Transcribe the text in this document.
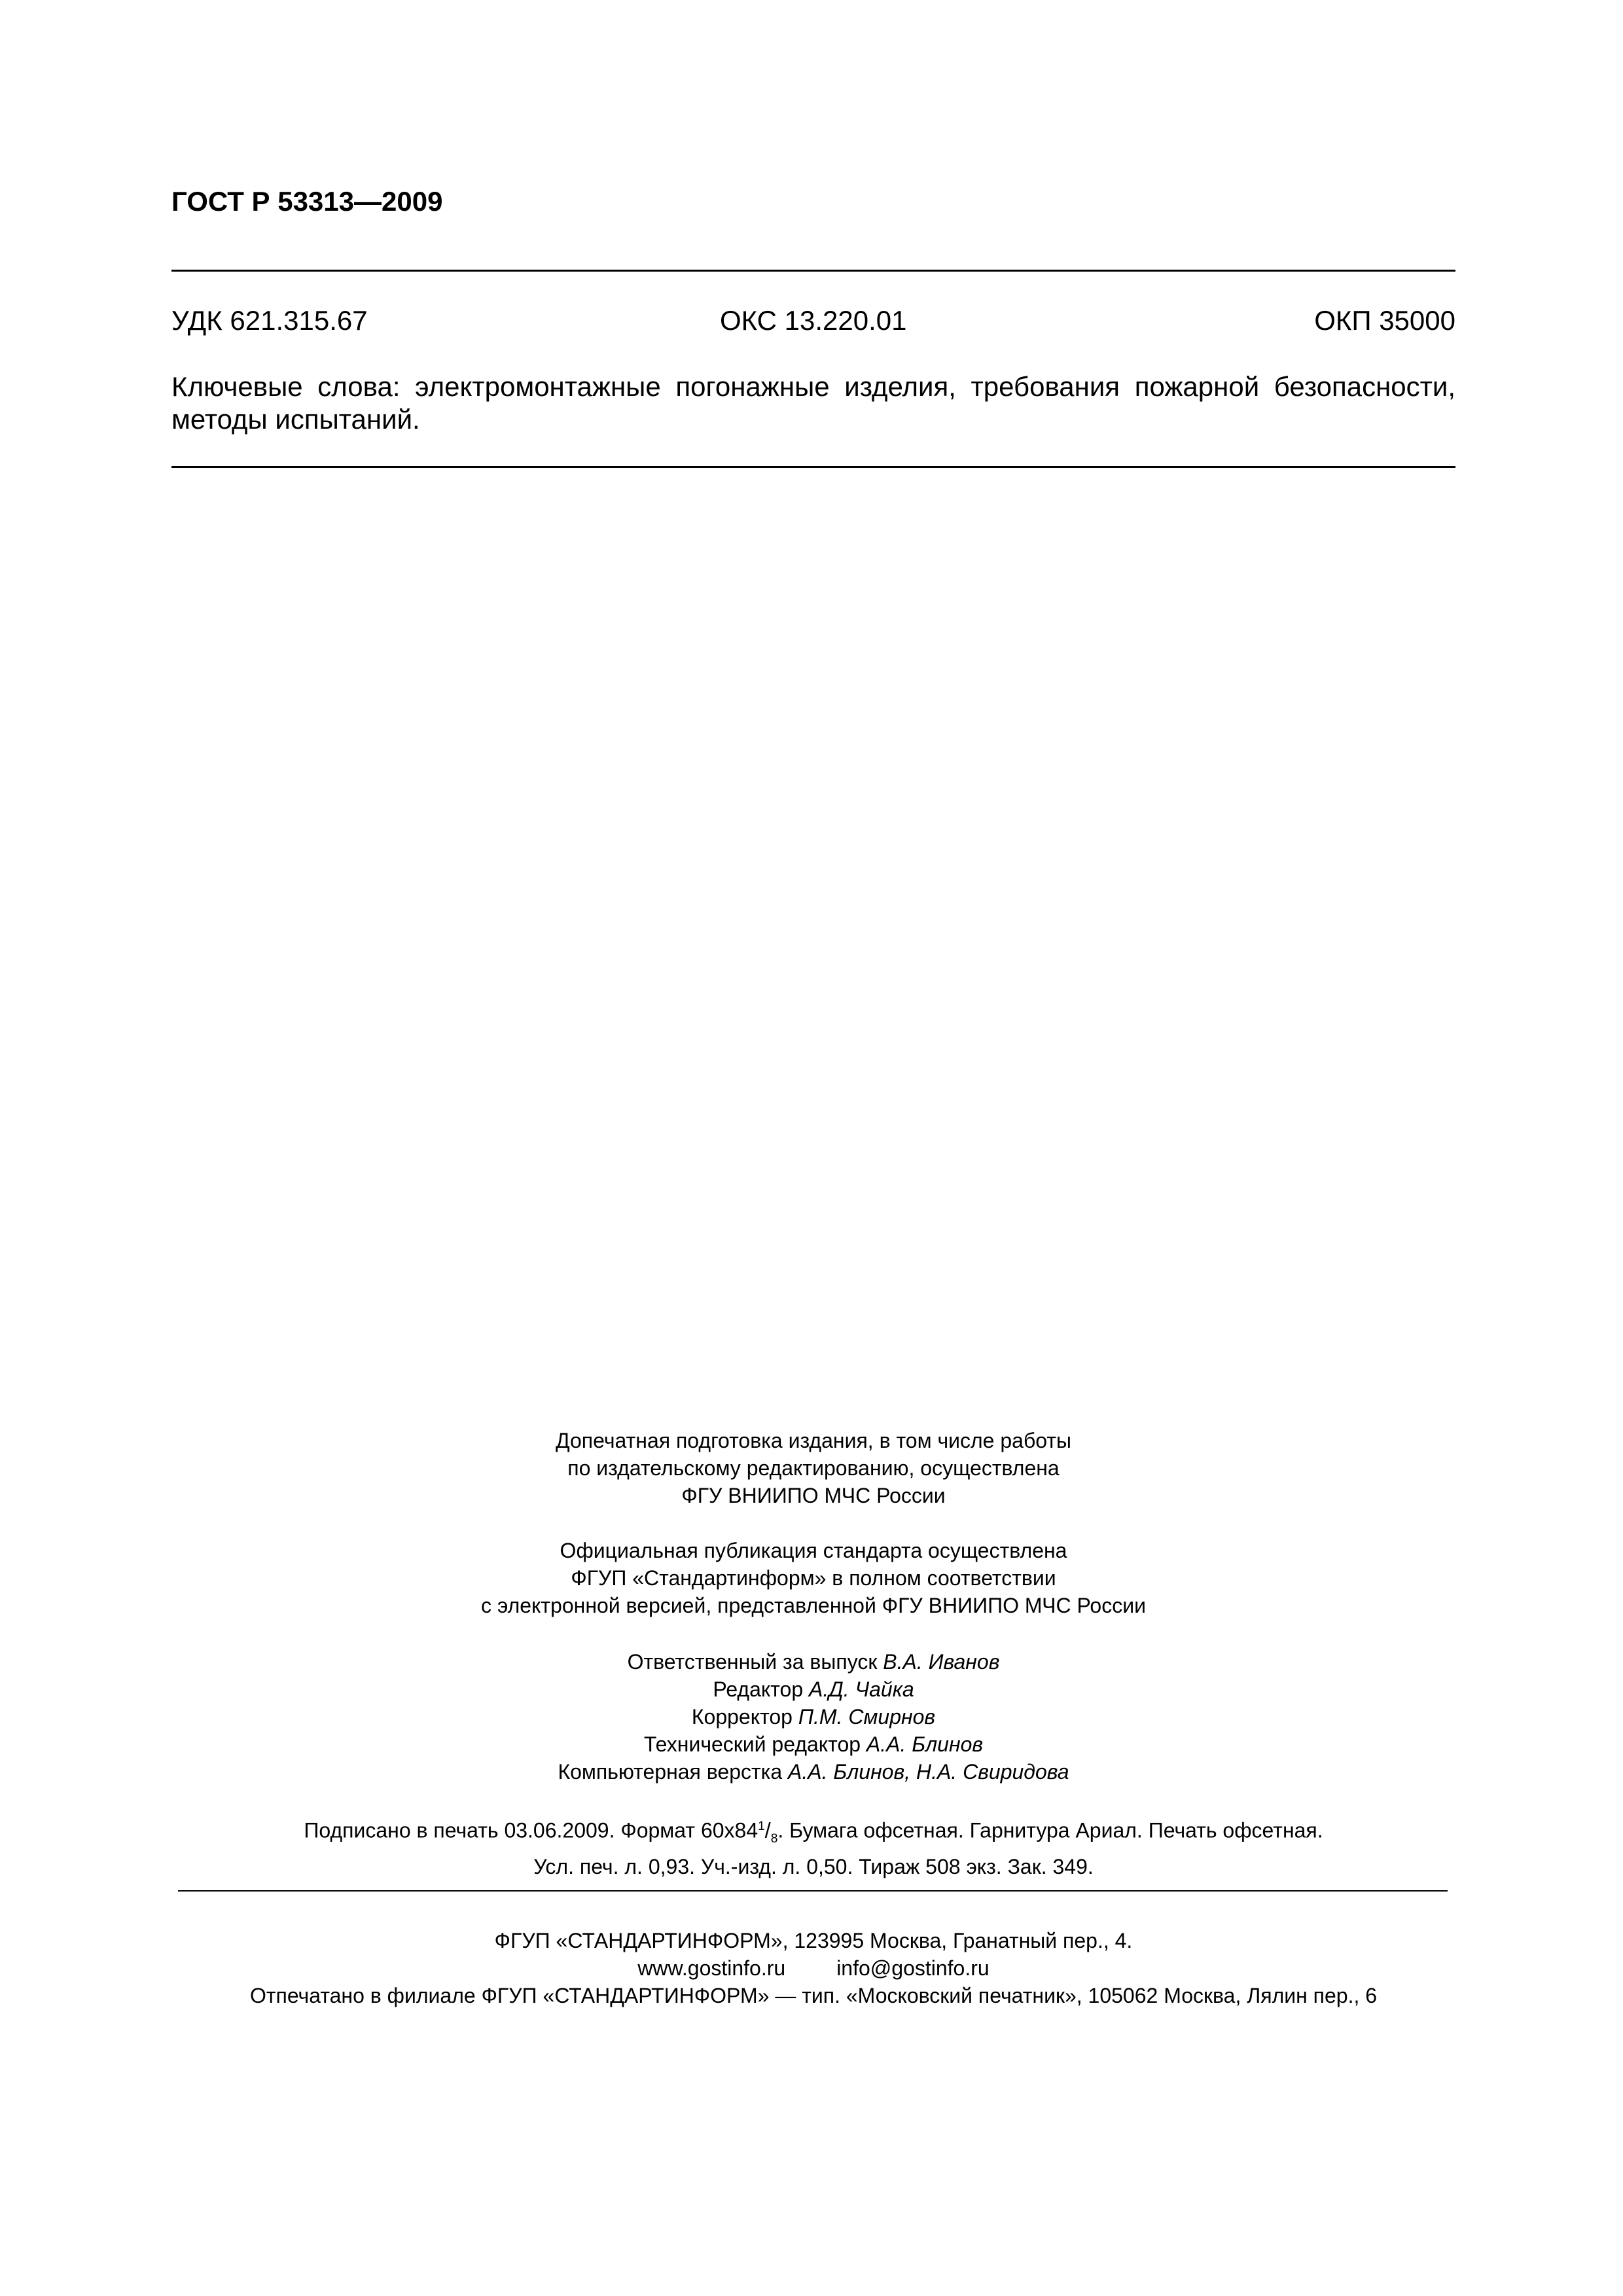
ГОСТ Р 53313—2009
УДК 621.315.67	ОКС 13.220.01	ОКП 35000
Ключевые слова: электромонтажные погонажные изделия, требования пожарной безопасности, методы испытаний.

Допечатная подготовка издания, в том числе работы

по издательскому редактированию, осуществлена

ФГУ ВНИИПО МЧС России

Официальная публикация стандарта осуществлена

ФГУП «Стандартинформ» в полном соответствии

с электронной версией, представленной ФГУ ВНИИПО МЧС России

Ответственный за выпуск В.А. Иванов

Редактор А.Д. Чайка

Корректор П.М. Смирнов

Технический редактор А.А. Блинов

Компьютерная верстка А.А. Блинов, Н.А. Свиридова

Подписано в печать 03.06.2009. Формат $60x84^1/_8$. Бумага офсетная. Гарнитура Ариал. Печать офсетная.

Усл. печ. л. 0,93. Уч.-изд. л. 0,50. Тираж 508 экз. Зак. 349.

ФГУП «СТАНДАРТИНФОРМ», 123995 Москва, Гранатный пер., 4.

www.gostinfo.ru info@gostinfo.ru

Отпечатано в филиале ФГУП «СТАНДАРТИНФОРМ» — тип. «Московский печатник», 105062 Москва, Лялин пер., 6
